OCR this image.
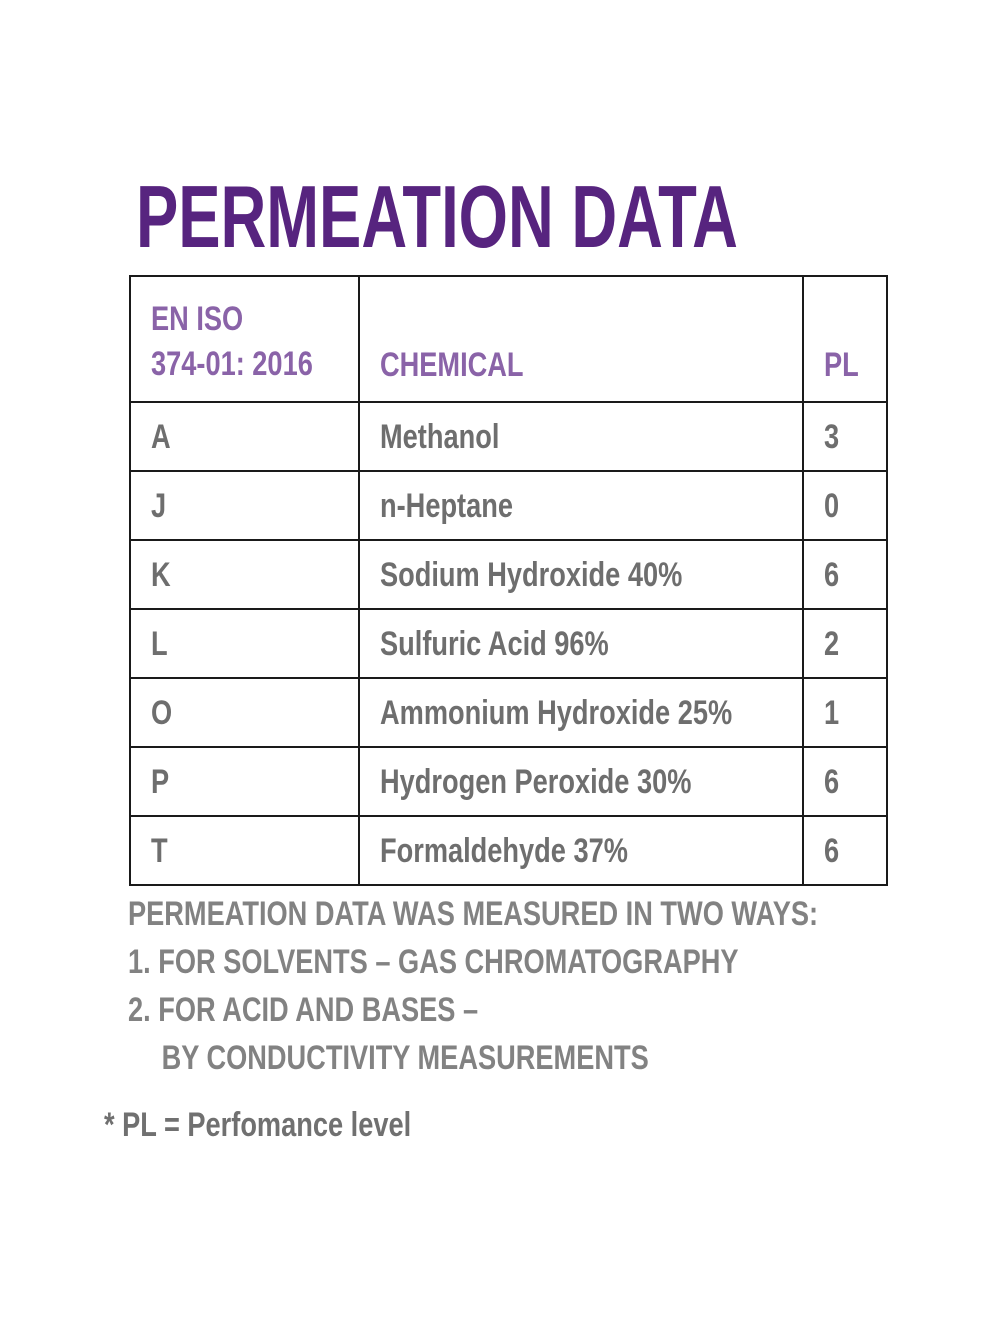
PERMEATION DATA
EN ISO
374-01: 2016	CHEMICAL	PL
A	Methanol	3
J	n-Heptane	0
K	Sodium Hydroxide 40%	6
L	Sulfuric Acid 96%	2
O	Ammonium Hydroxide 25%	1
P	Hydrogen Peroxide 30%	6
T	Formaldehyde 37%	6
PERMEATION DATA WAS MEASURED IN TWO WAYS:
1. FOR SOLVENTS – GAS CHROMATOGRAPHY
2. FOR ACID AND BASES –
BY CONDUCTIVITY MEASUREMENTS
* PL = Perfomance level
